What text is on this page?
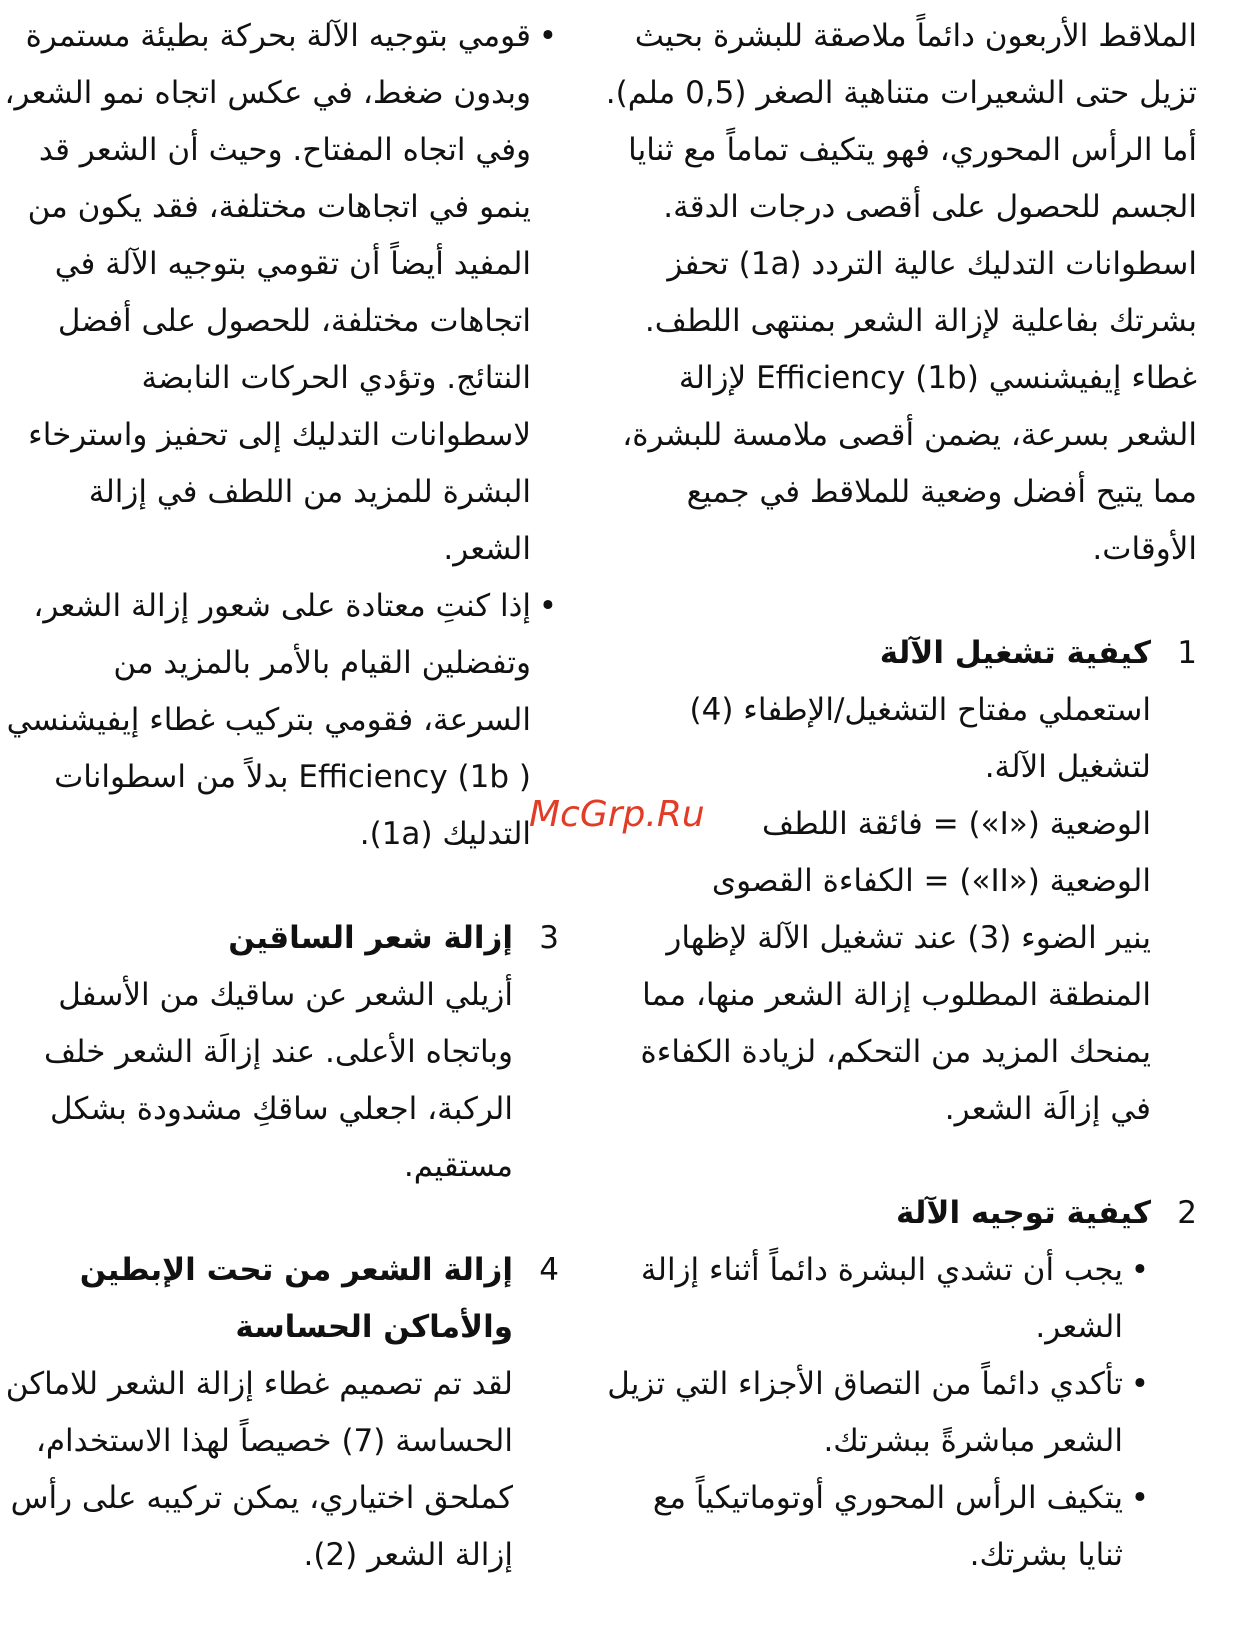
الملاقط الأربعون دائماً ملاصقة للبشرة بحيث تزيل حتى الشعيرات متناهية الصغر (0,5 ملم). أما الرأس المحوري، فهو يتكيف تماماً مع ثنايا الجسم للحصول على أقصى درجات الدقة.

اسطوانات التدليك عالية التردد (1a) تحفز بشرتك بفاعلية لإزالة الشعر بمنتهى اللطف.

غطاء إيفيشنسي Efficiency (1b) لإزالة الشعر بسرعة، يضمن أقصى ملامسة للبشرة، مما يتيح أفضل وضعية للملاقط في جميع الأوقات.

1
كيفية تشغيل الآلة

استعملي مفتاح التشغيل/الإطفاء (4) لتشغيل الآلة.

الوضعية («I») = فائقة اللطف

الوضعية («II») = الكفاءة القصوى

ينير الضوء (3) عند تشغيل الآلة لإظهار المنطقة المطلوب إزالة الشعر منها، مما يمنحك المزيد من التحكم، لزيادة الكفاءة في إزالَة الشعر.

2
كيفية توجيه الآلة
•
يجب أن تشدي البشرة دائماً أثناء إزالة الشعر.
•
تأكدي دائماً من التصاق الأجزاء التي تزيل الشعر مباشرةً ببشرتك.
•
يتكيف الرأس المحوري أوتوماتيكياً مع ثنايا بشرتك.
•
قومي بتوجيه الآلة بحركة بطيئة مستمرة وبدون ضغط، في عكس اتجاه نمو الشعر، وفي اتجاه المفتاح. وحيث أن الشعر قد ينمو في اتجاهات مختلفة، فقد يكون من المفيد أيضاً أن تقومي بتوجيه الآلة في اتجاهات مختلفة، للحصول على أفضل النتائج. وتؤدي الحركات النابضة لاسطوانات التدليك إلى تحفيز واسترخاء البشرة للمزيد من اللطف في إزالة الشعر.
•
إذا كنتِ معتادة على شعور إزالة الشعر، وتفضلين القيام بالأمر بالمزيد من السرعة، فقومي بتركيب غطاء إيفيشنسي ( Efficiency (1b بدلاً من اسطوانات التدليك (1a).
3
إزالة شعر الساقين

أزيلي الشعر عن ساقيك من الأسفل وباتجاه الأعلى. عند إزالَة الشعر خلف الركبة، اجعلي ساقكِ مشدودة بشكل مستقيم.

4
إزالة الشعر من تحت الإبطين والأماكن الحساسة

لقد تم تصميم غطاء إزالة الشعر للاماكن الحساسة (7) خصيصاً لهذا الاستخدام، كملحق اختياري، يمكن تركيبه على رأس إزالة الشعر (2).

McGrp.Ru
